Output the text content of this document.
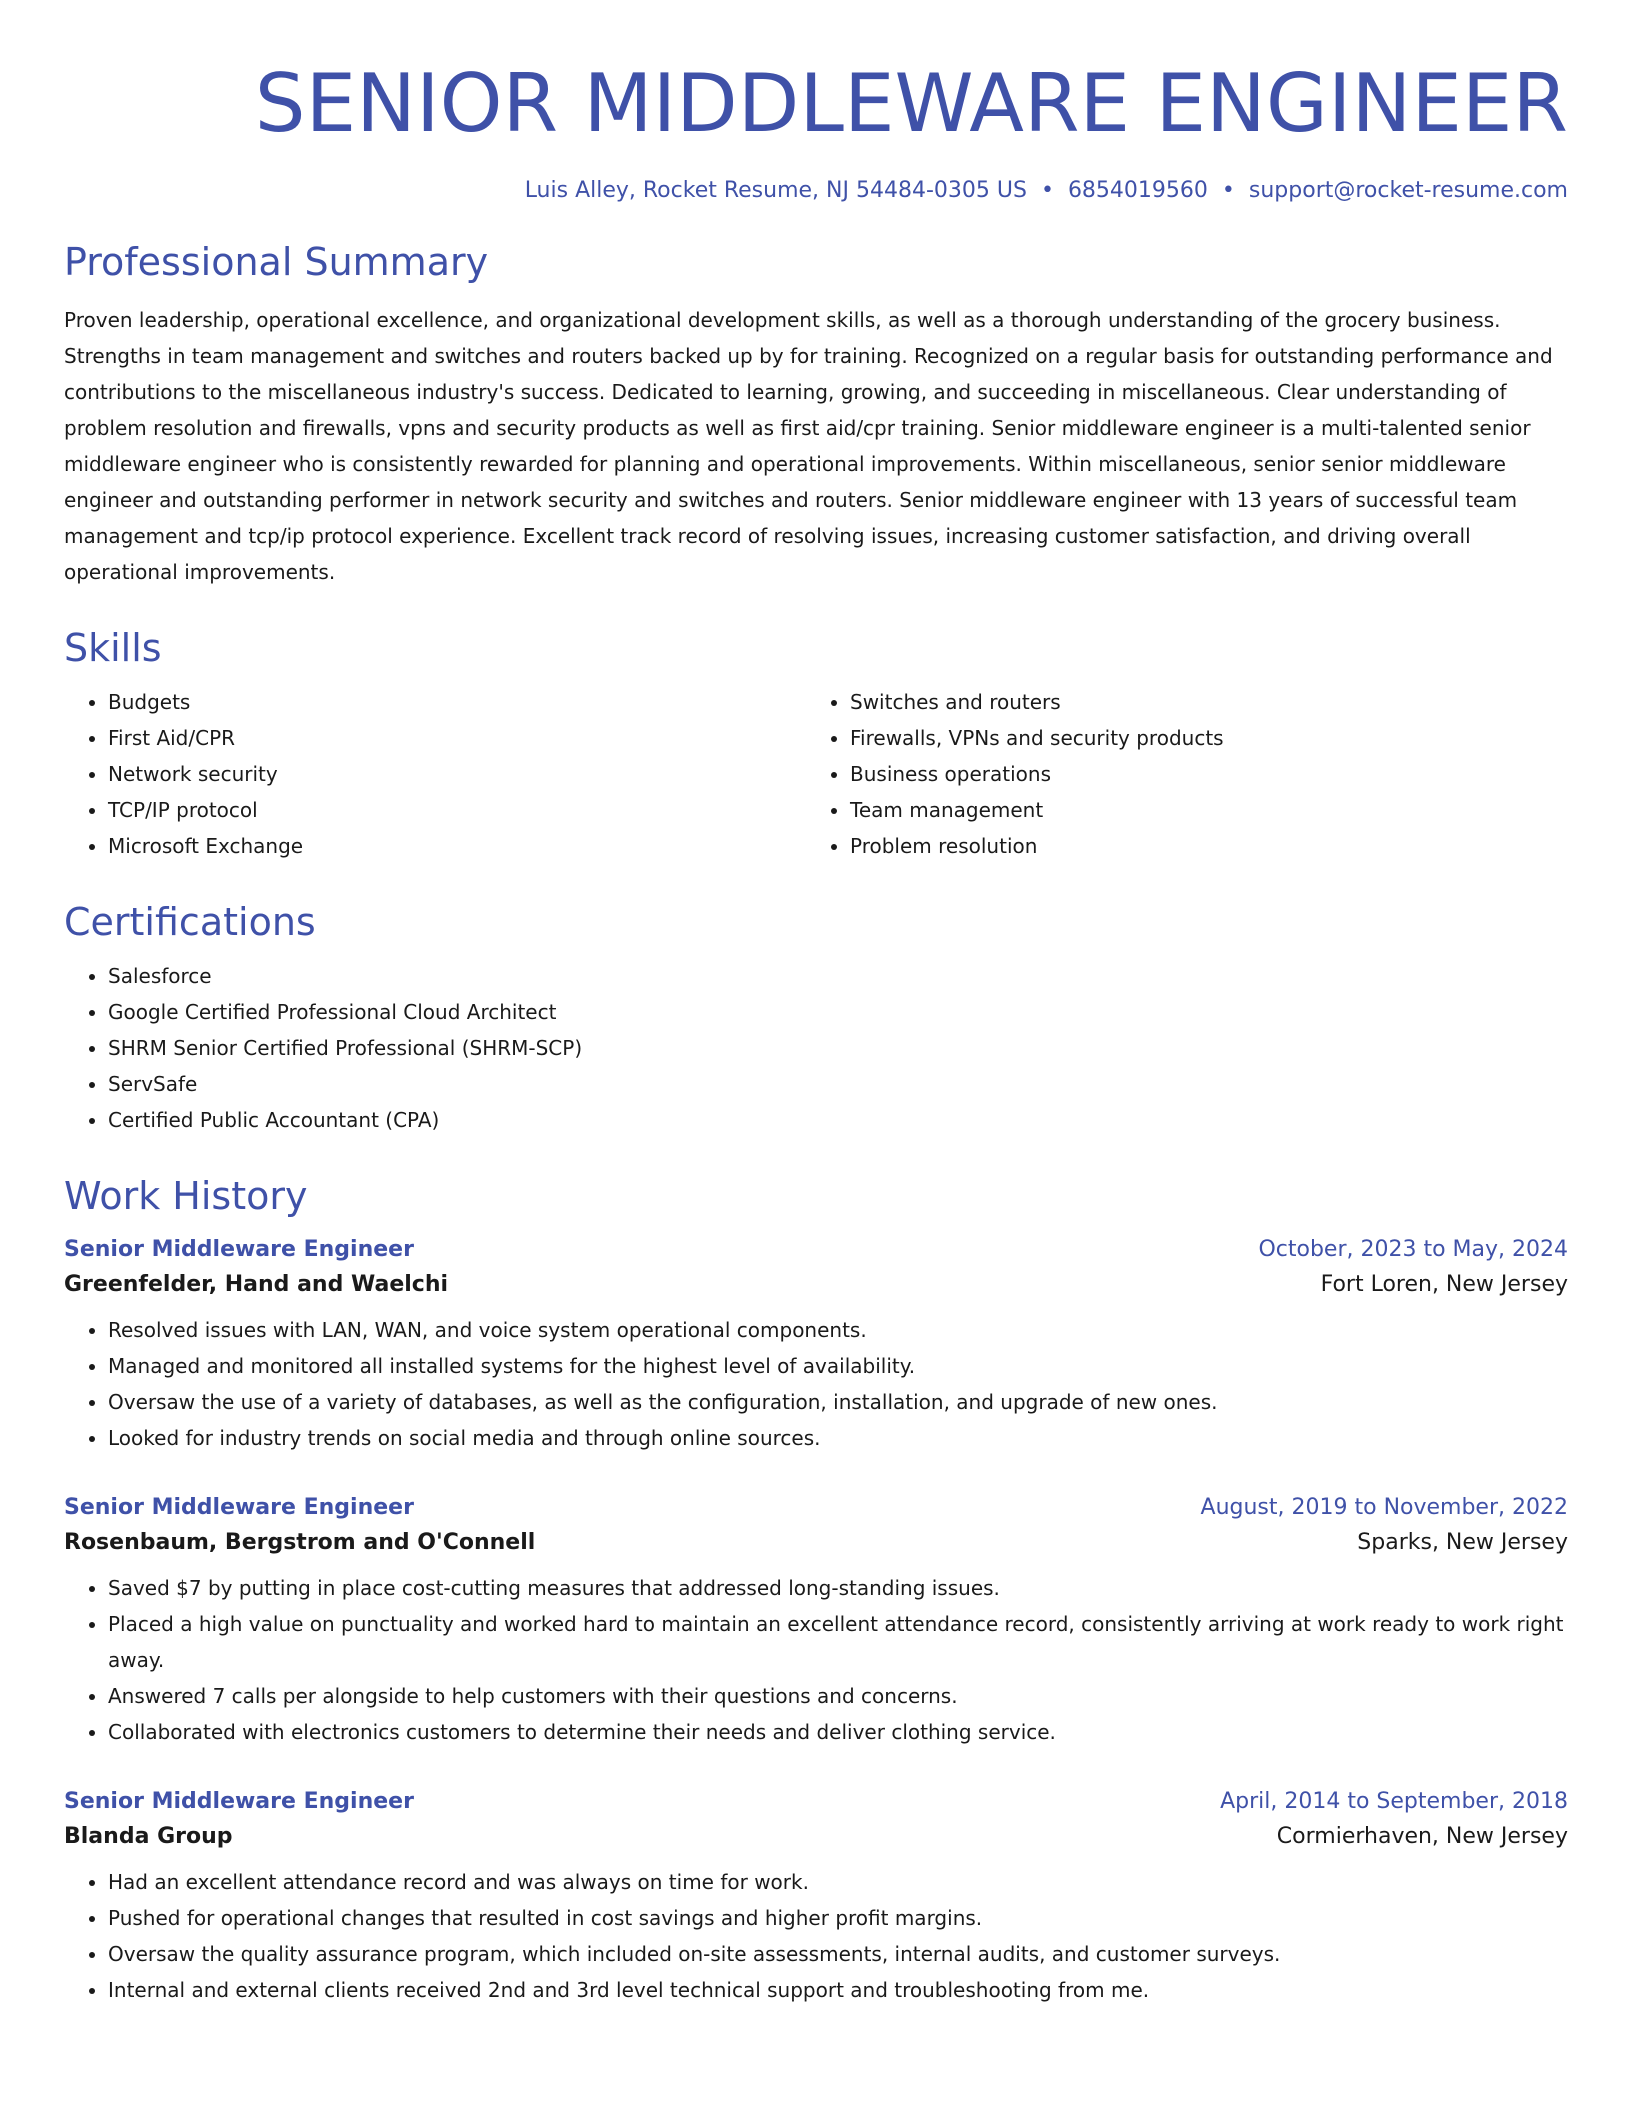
SENIOR MIDDLEWARE ENGINEER
Luis Alley, Rocket Resume, NJ 54484-0305 US • 6854019560 • support@rocket-resume.com
Professional Summary

Proven leadership, operational excellence, and organizational development skills, as well as a thorough understanding of the grocery business. Strengths in team management and switches and routers backed up by for training. Recognized on a regular basis for outstanding performance and contributions to the miscellaneous industry's success. Dedicated to learning, growing, and succeeding in miscellaneous. Clear understanding of problem resolution and firewalls, vpns and security products as well as first aid/cpr training. Senior middleware engineer is a multi-talented senior middleware engineer who is consistently rewarded for planning and operational improvements. Within miscellaneous, senior senior middleware engineer and outstanding performer in network security and switches and routers. Senior middleware engineer with 13 years of successful team management and tcp/ip protocol experience. Excellent track record of resolving issues, increasing customer satisfaction, and driving overall operational improvements.

Skills
• Budgets
• First Aid/CPR
• Network security
• TCP/IP protocol
• Microsoft Exchange
• Switches and routers
• Firewalls, VPNs and security products
• Business operations
• Team management
• Problem resolution
Certifications
• Salesforce
• Google Certified Professional Cloud Architect
• SHRM Senior Certified Professional (SHRM-SCP)
• ServSafe
• Certified Public Accountant (CPA)
Work History
Senior Middleware Engineer	October, 2023 to May, 2024
Greenfelder, Hand and Waelchi	Fort Loren, New Jersey
• Resolved issues with LAN, WAN, and voice system operational components.
• Managed and monitored all installed systems for the highest level of availability.
• Oversaw the use of a variety of databases, as well as the configuration, installation, and upgrade of new ones.
• Looked for industry trends on social media and through online sources.
Senior Middleware Engineer	August, 2019 to November, 2022
Rosenbaum, Bergstrom and O'Connell	Sparks, New Jersey
• Saved $7 by putting in place cost-cutting measures that addressed long-standing issues.
• Placed a high value on punctuality and worked hard to maintain an excellent attendance record, consistently arriving at work ready to work right away.
• Answered 7 calls per alongside to help customers with their questions and concerns.
• Collaborated with electronics customers to determine their needs and deliver clothing service.
Senior Middleware Engineer	April, 2014 to September, 2018
Blanda Group	Cormierhaven, New Jersey
• Had an excellent attendance record and was always on time for work.
• Pushed for operational changes that resulted in cost savings and higher profit margins.
• Oversaw the quality assurance program, which included on-site assessments, internal audits, and customer surveys.
• Internal and external clients received 2nd and 3rd level technical support and troubleshooting from me.
